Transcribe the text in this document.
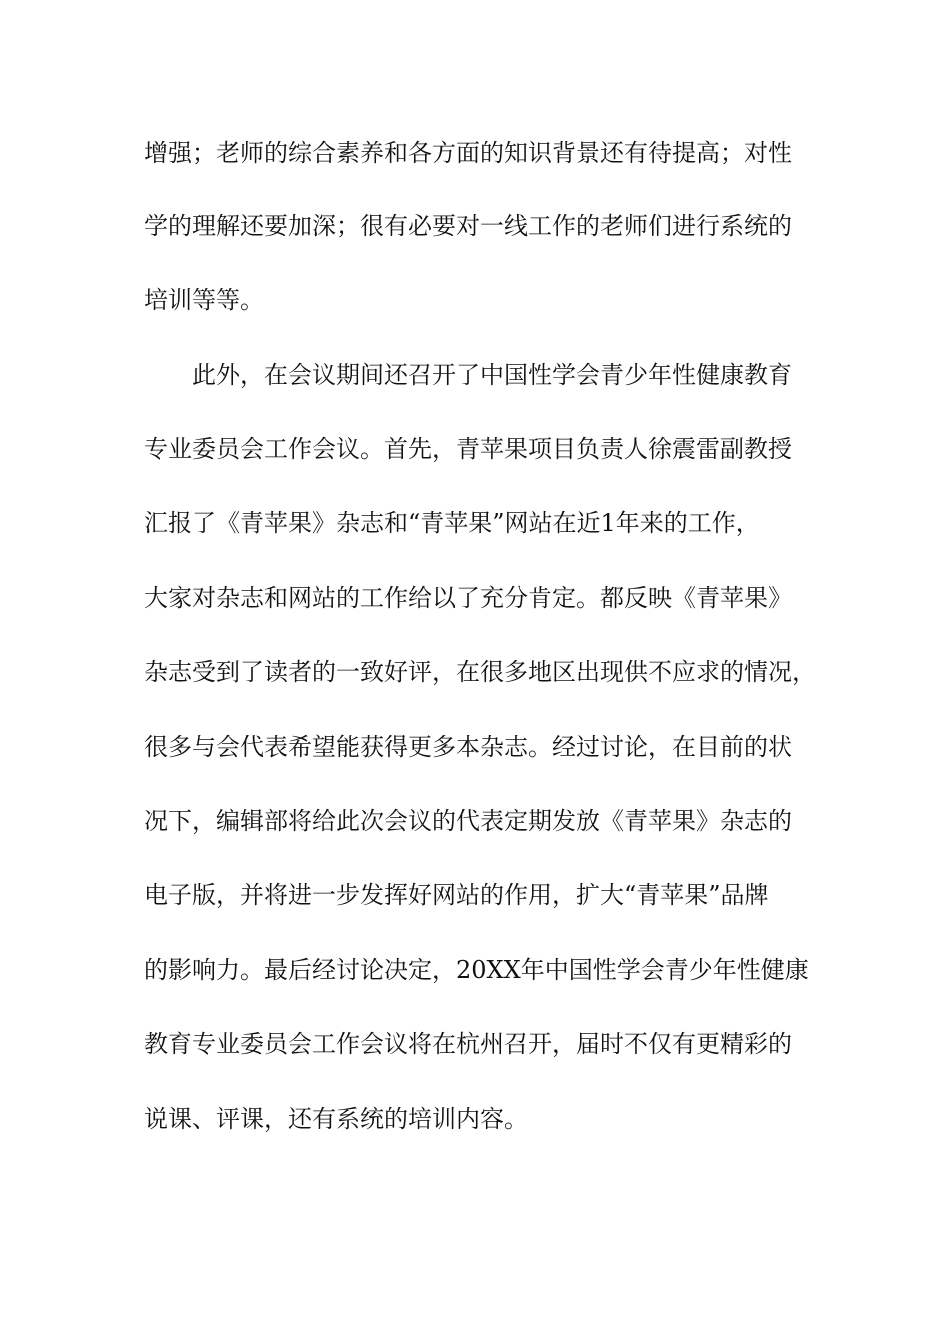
增强；老师的综合素养和各方面的知识背景还有待提高；对性

学的理解还要加深；很有必要对一线工作的老师们进行系统的

培训等等。

　　此外，在会议期间还召开了中国性学会青少年性健康教育

专业委员会工作会议。首先，青苹果项目负责人徐震雷副教授

汇报了《青苹果》杂志和“青苹果”网站在近1年来的工作，

大家对杂志和网站的工作给以了充分肯定。都反映《青苹果》

杂志受到了读者的一致好评，在很多地区出现供不应求的情况，

很多与会代表希望能获得更多本杂志。经过讨论，在目前的状

况下，编辑部将给此次会议的代表定期发放《青苹果》杂志的

电子版，并将进一步发挥好网站的作用，扩大“青苹果”品牌

的影响力。最后经讨论决定，20XX年中国性学会青少年性健康

教育专业委员会工作会议将在杭州召开，届时不仅有更精彩的

说课、评课，还有系统的培训内容。
